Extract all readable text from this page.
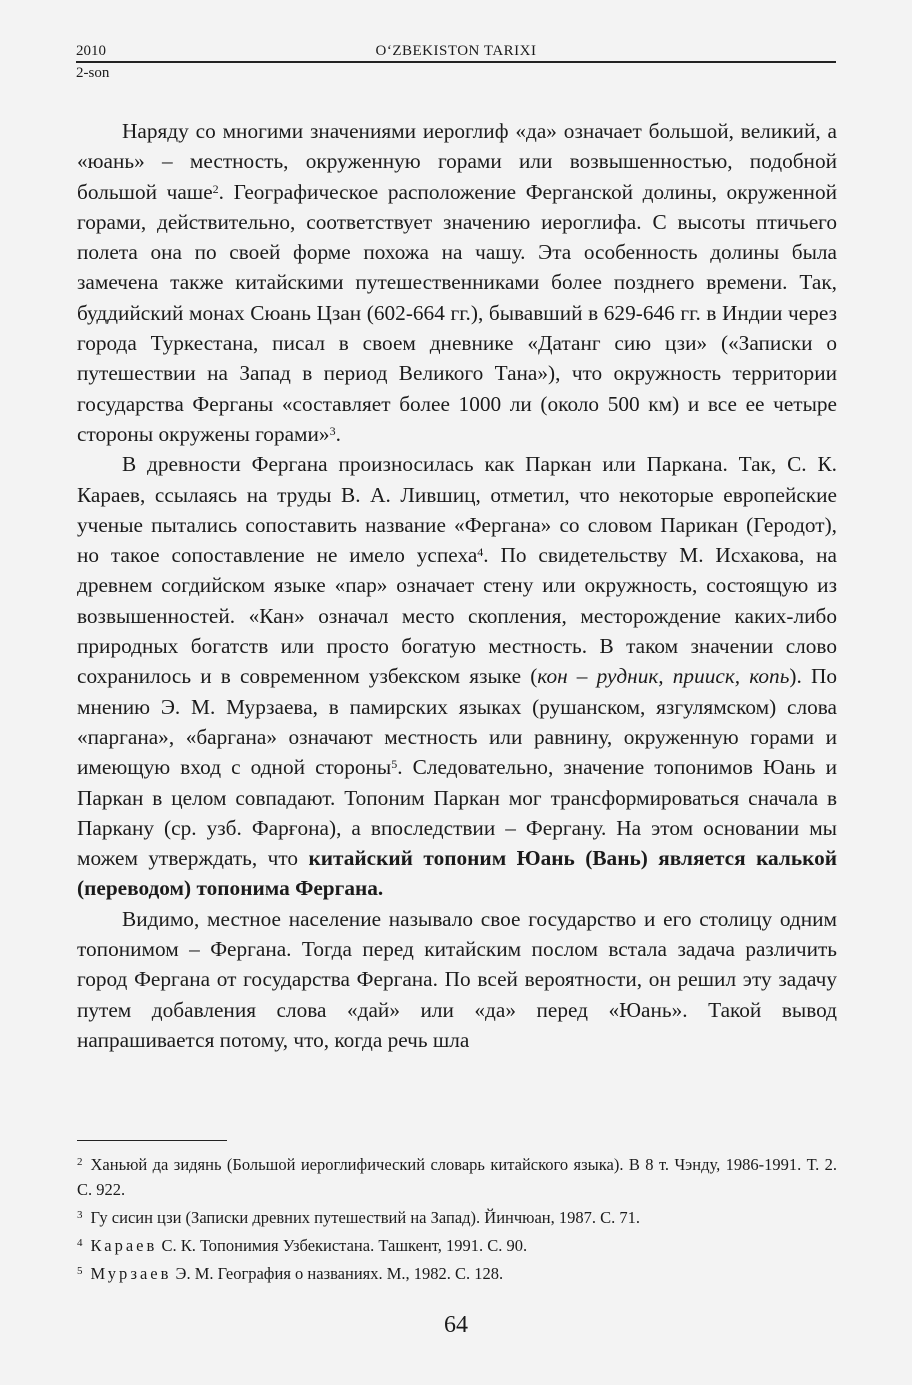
2010	O‘ZBEKISTON TARIXI
2-son

Наряду со многими значениями иероглиф «да» означает большой, великий, а «юань» – местность, окруженную горами или возвышенностью, подобной большой чаше$^2$. Географическое расположение Ферганской долины, окруженной горами, действительно, соответствует значению иероглифа. С высоты птичьего полета она по своей форме похожа на чашу. Эта особенность долины была замечена также китайскими путешественниками более позднего времени. Так, буддийский монах Сюань Цзан (602-664 гг.), бывавший в 629-646 гг. в Индии через города Туркестана, писал в своем дневнике «Датанг сию цзи» («Записки о путешествии на Запад в период Великого Тана»), что окружность территории государства Ферганы «составляет более 1000 ли (около 500 км) и все ее четыре стороны окружены горами»$^3$.

В древности Фергана произносилась как Паркан или Паркана. Так, С. К. Караев, ссылаясь на труды В. А. Лившиц, отметил, что некоторые европейские ученые пытались сопоставить название «Фергана» со словом Парикан (Геродот), но такое сопоставление не имело успеха$^4$. По свидетельству М. Исхакова, на древнем согдийском языке «пар» означает стену или окружность, состоящую из возвышенностей. «Кан» означал место скопления, месторождение каких-либо природных богатств или просто богатую местность. В таком значении слово сохранилось и в современном узбекском языке (кон – рудник, прииск, копь). По мнению Э. М. Мурзаева, в памирских языках (рушанском, язгулямском) слова «паргана», «баргана» означают местность или равнину, окруженную горами и имеющую вход с одной стороны$^5$. Следовательно, значение топонимов Юань и Паркан в целом совпадают. Топоним Паркан мог трансформироваться сначала в Паркану (ср. узб. Фарғона), а впоследствии – Фергану. На этом основании мы можем утверждать, что китайский топоним Юань (Вань) является калькой (переводом) топонима Фергана.

Видимо, местное население называло свое государство и его столицу одним топонимом – Фергана. Тогда перед китайским послом встала задача различить город Фергана от государства Фергана. По всей вероятности, он решил эту задачу путем добавления слова «дай» или «да» перед «Юань». Такой вывод напрашивается потому, что, когда речь шла

$^2$ Ханьюй да зидянь (Большой иероглифический словарь китайского языка). В 8 т. Чэнду, 1986-1991. Т. 2. С. 922.

$^3$ Гу сисин цзи (Записки древних путешествий на Запад). Йинчюан, 1987. С. 71.

$^4$ Караев С. К. Топонимия Узбекистана. Ташкент, 1991. С. 90.

$^5$ Мурзаев Э. М. География о названиях. М., 1982. С. 128.

64
